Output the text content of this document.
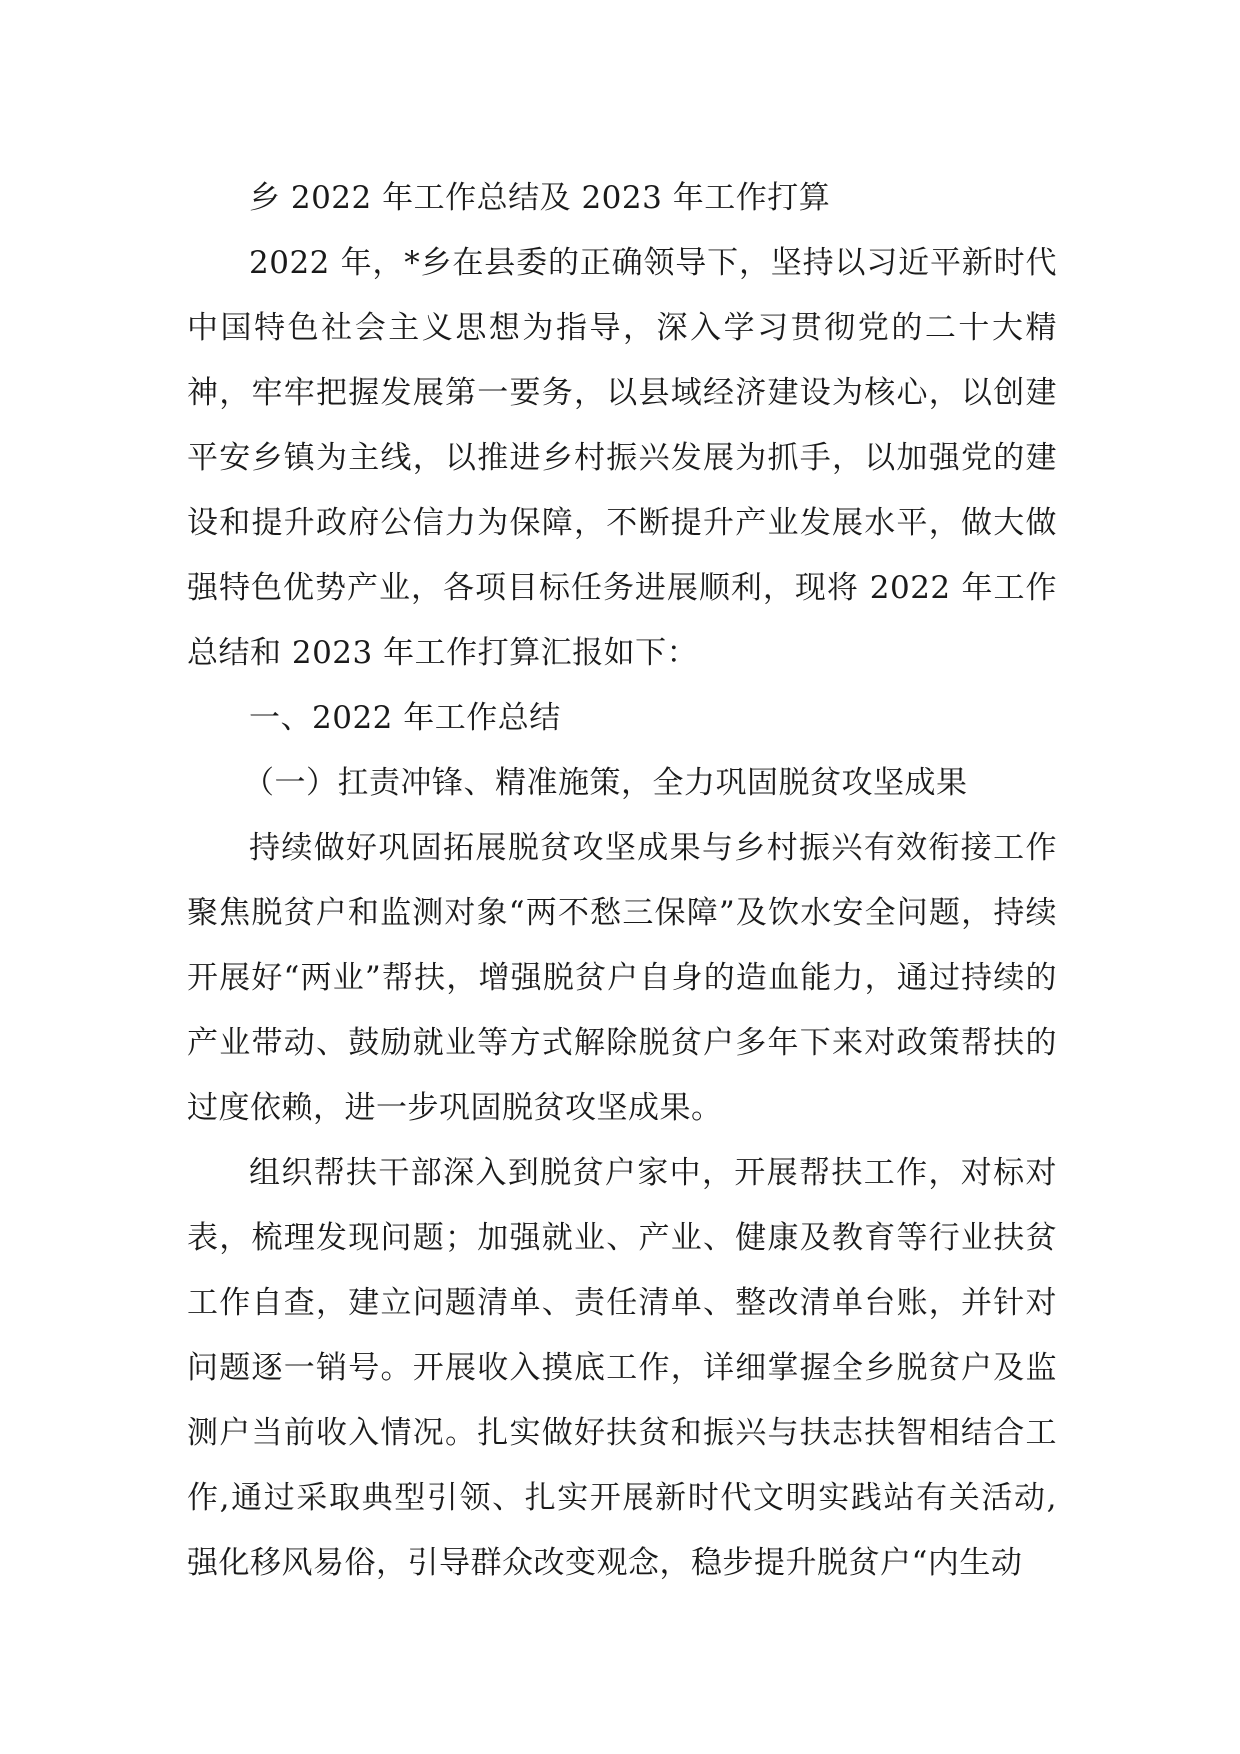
乡 2022 年工作总结及 2023 年工作打算

2022 年，*乡在县委的正确领导下，坚持以习近平新时代中国特色社会主义思想为指导，深入学习贯彻党的二十大精神，牢牢把握发展第一要务，以县域经济建设为核心，以创建平安乡镇为主线，以推进乡村振兴发展为抓手，以加强党的建设和提升政府公信力为保障，不断提升产业发展水平，做大做强特色优势产业，各项目标任务进展顺利，现将 2022 年工作总结和 2023 年工作打算汇报如下：

一、2022 年工作总结

（一）扛责冲锋、精准施策，全力巩固脱贫攻坚成果

持续做好巩固拓展脱贫攻坚成果与乡村振兴有效衔接工作聚焦脱贫户和监测对象“两不愁三保障”及饮水安全问题，持续开展好“两业”帮扶，增强脱贫户自身的造血能力，通过持续的产业带动、鼓励就业等方式解除脱贫户多年下来对政策帮扶的过度依赖，进一步巩固脱贫攻坚成果。

组织帮扶干部深入到脱贫户家中，开展帮扶工作，对标对表，梳理发现问题；加强就业、产业、健康及教育等行业扶贫工作自查，建立问题清单、责任清单、整改清单台账，并针对问题逐一销号。开展收入摸底工作，详细掌握全乡脱贫户及监测户当前收入情况。扎实做好扶贫和振兴与扶志扶智相结合工作,通过采取典型引领、扎实开展新时代文明实践站有关活动,强化移风易俗，引导群众改变观念，稳步提升脱贫户“内生动
